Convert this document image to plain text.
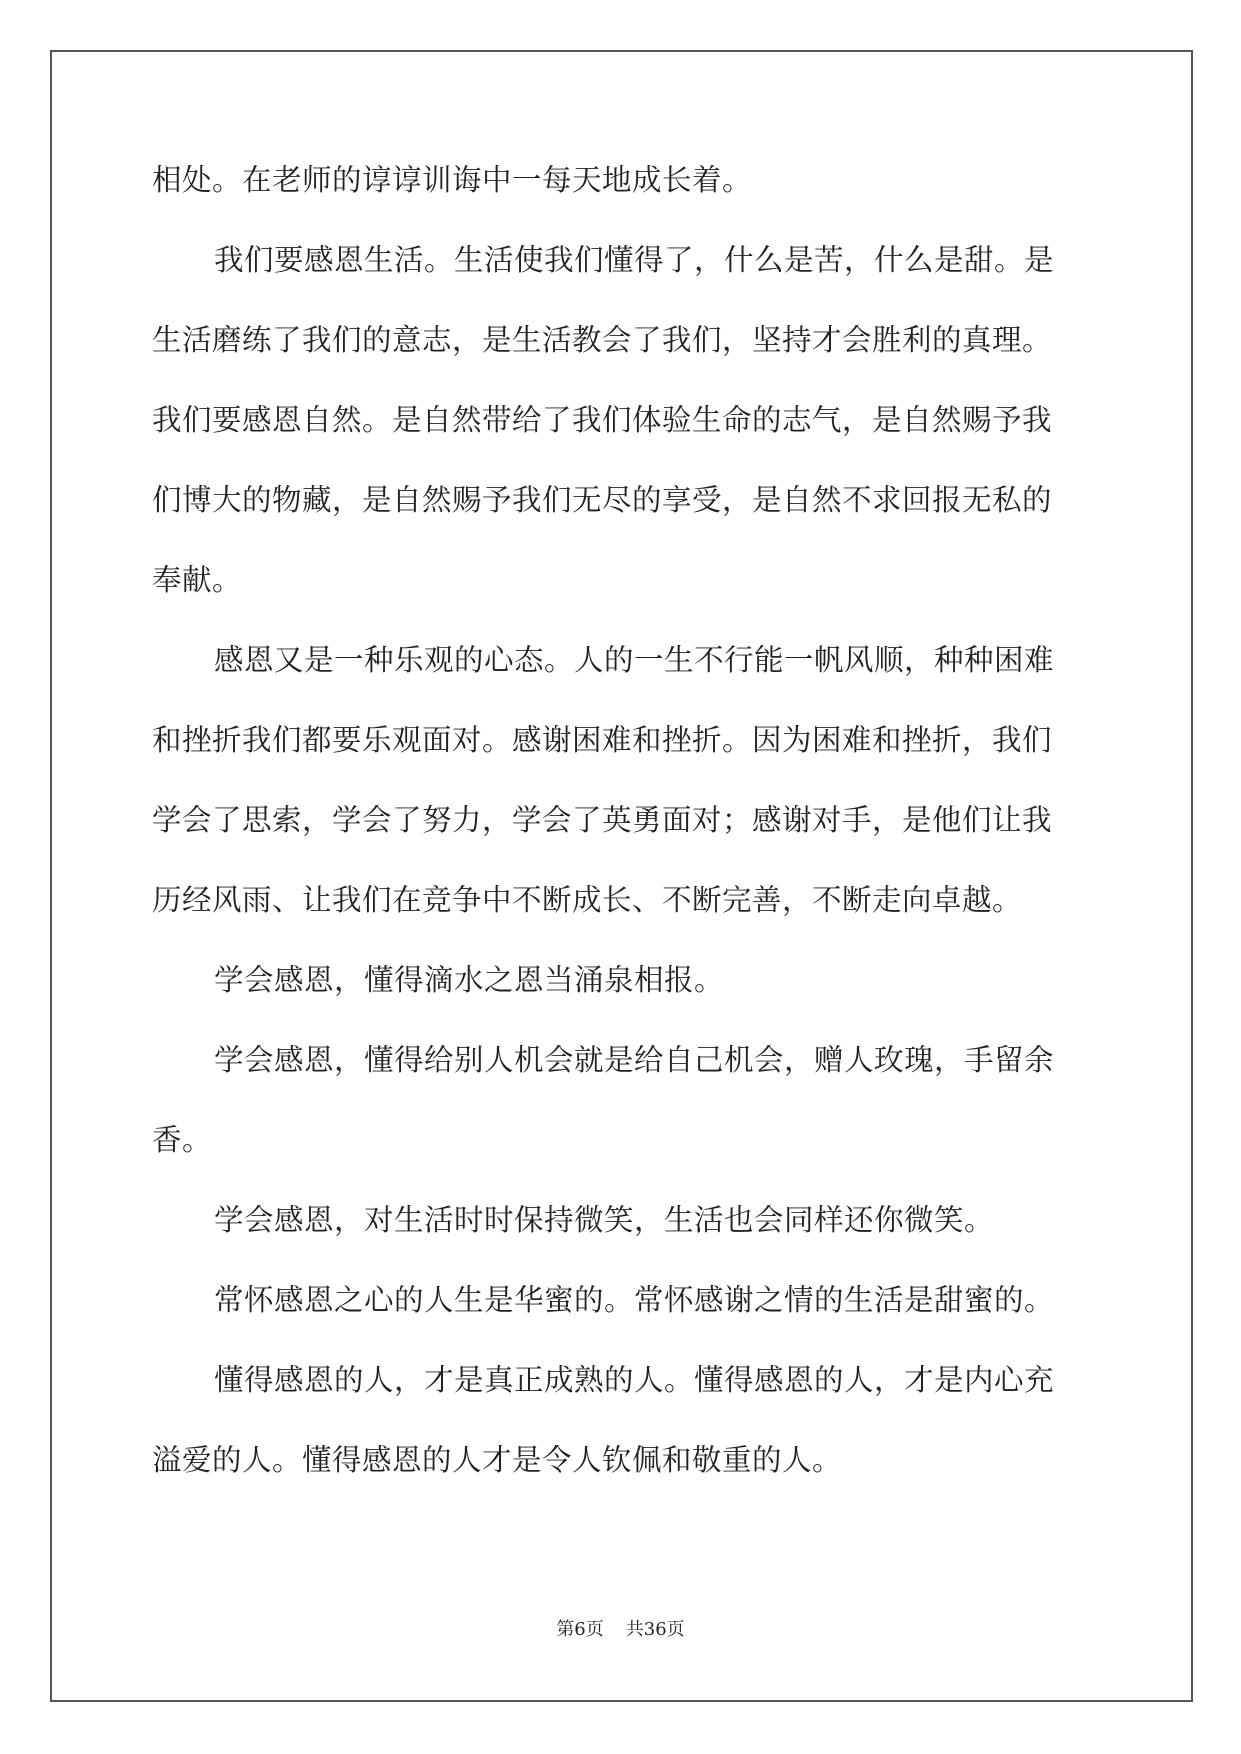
相处。在老师的谆谆训诲中一每天地成长着。
我们要感恩生活。生活使我们懂得了，什么是苦，什么是甜。是
生活磨练了我们的意志，是生活教会了我们，坚持才会胜利的真理。
我们要感恩自然。是自然带给了我们体验生命的志气，是自然赐予我
们博大的物藏，是自然赐予我们无尽的享受，是自然不求回报无私的
奉献。
感恩又是一种乐观的心态。人的一生不行能一帆风顺，种种困难
和挫折我们都要乐观面对。感谢困难和挫折。因为困难和挫折，我们
学会了思索，学会了努力，学会了英勇面对；感谢对手，是他们让我
历经风雨、让我们在竞争中不断成长、不断完善，不断走向卓越。
学会感恩，懂得滴水之恩当涌泉相报。
学会感恩，懂得给别人机会就是给自己机会，赠人玫瑰，手留余
香。
学会感恩，对生活时时保持微笑，生活也会同样还你微笑。
常怀感恩之心的人生是华蜜的。常怀感谢之情的生活是甜蜜的。
懂得感恩的人，才是真正成熟的人。懂得感恩的人，才是内心充
溢爱的人。懂得感恩的人才是令人钦佩和敬重的人。
第6页 共36页
